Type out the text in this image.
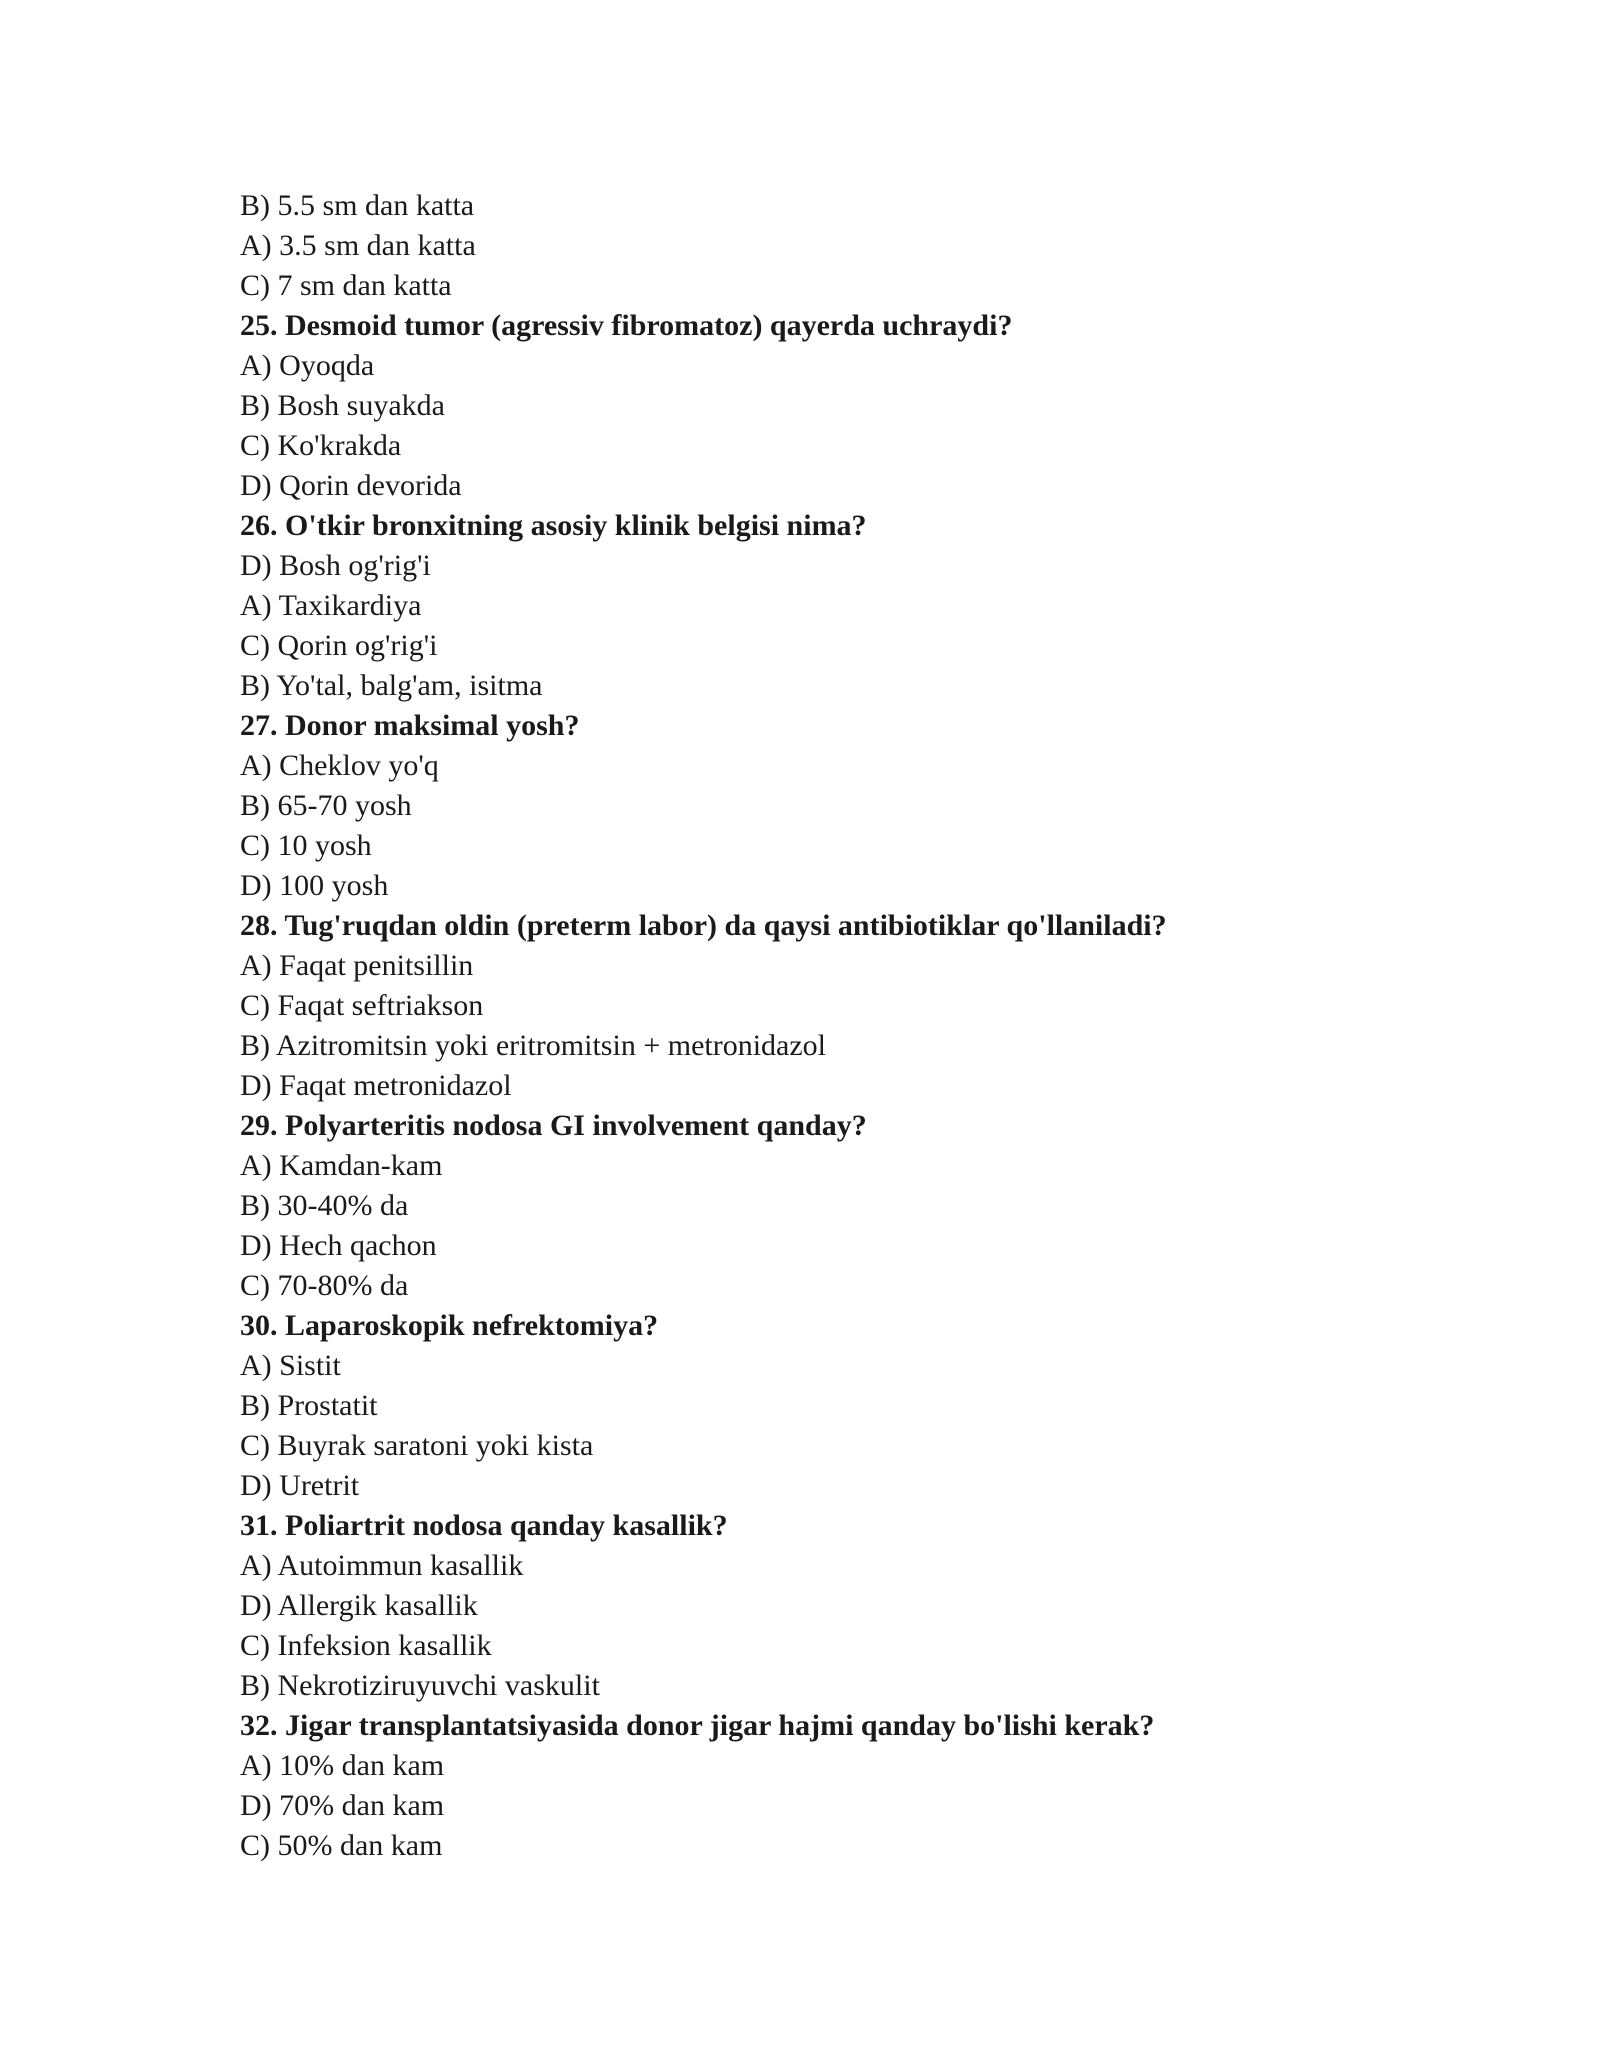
B) 5.5 sm dan katta
A) 3.5 sm dan katta
C) 7 sm dan katta
25. Desmoid tumor (agressiv fibromatoz) qayerda uchraydi?
A) Oyoqda
B) Bosh suyakda
C) Ko'krakda
D) Qorin devorida
26. O'tkir bronxitning asosiy klinik belgisi nima?
D) Bosh og'rig'i
A) Taxikardiya
C) Qorin og'rig'i
B) Yo'tal, balg'am, isitma
27. Donor maksimal yosh?
A) Cheklov yo'q
B) 65-70 yosh
C) 10 yosh
D) 100 yosh
28. Tug'ruqdan oldin (preterm labor) da qaysi antibiotiklar qo'llaniladi?
A) Faqat penitsillin
C) Faqat seftriakson
B) Azitromitsin yoki eritromitsin + metronidazol
D) Faqat metronidazol
29. Polyarteritis nodosa GI involvement qanday?
A) Kamdan-kam
B) 30-40% da
D) Hech qachon
C) 70-80% da
30. Laparoskopik nefrektomiya?
A) Sistit
B) Prostatit
C) Buyrak saratoni yoki kista
D) Uretrit
31. Poliartrit nodosa qanday kasallik?
A) Autoimmun kasallik
D) Allergik kasallik
C) Infeksion kasallik
B) Nekrotiziruyuvchi vaskulit
32. Jigar transplantatsiyasida donor jigar hajmi qanday bo'lishi kerak?
A) 10% dan kam
D) 70% dan kam
C) 50% dan kam
